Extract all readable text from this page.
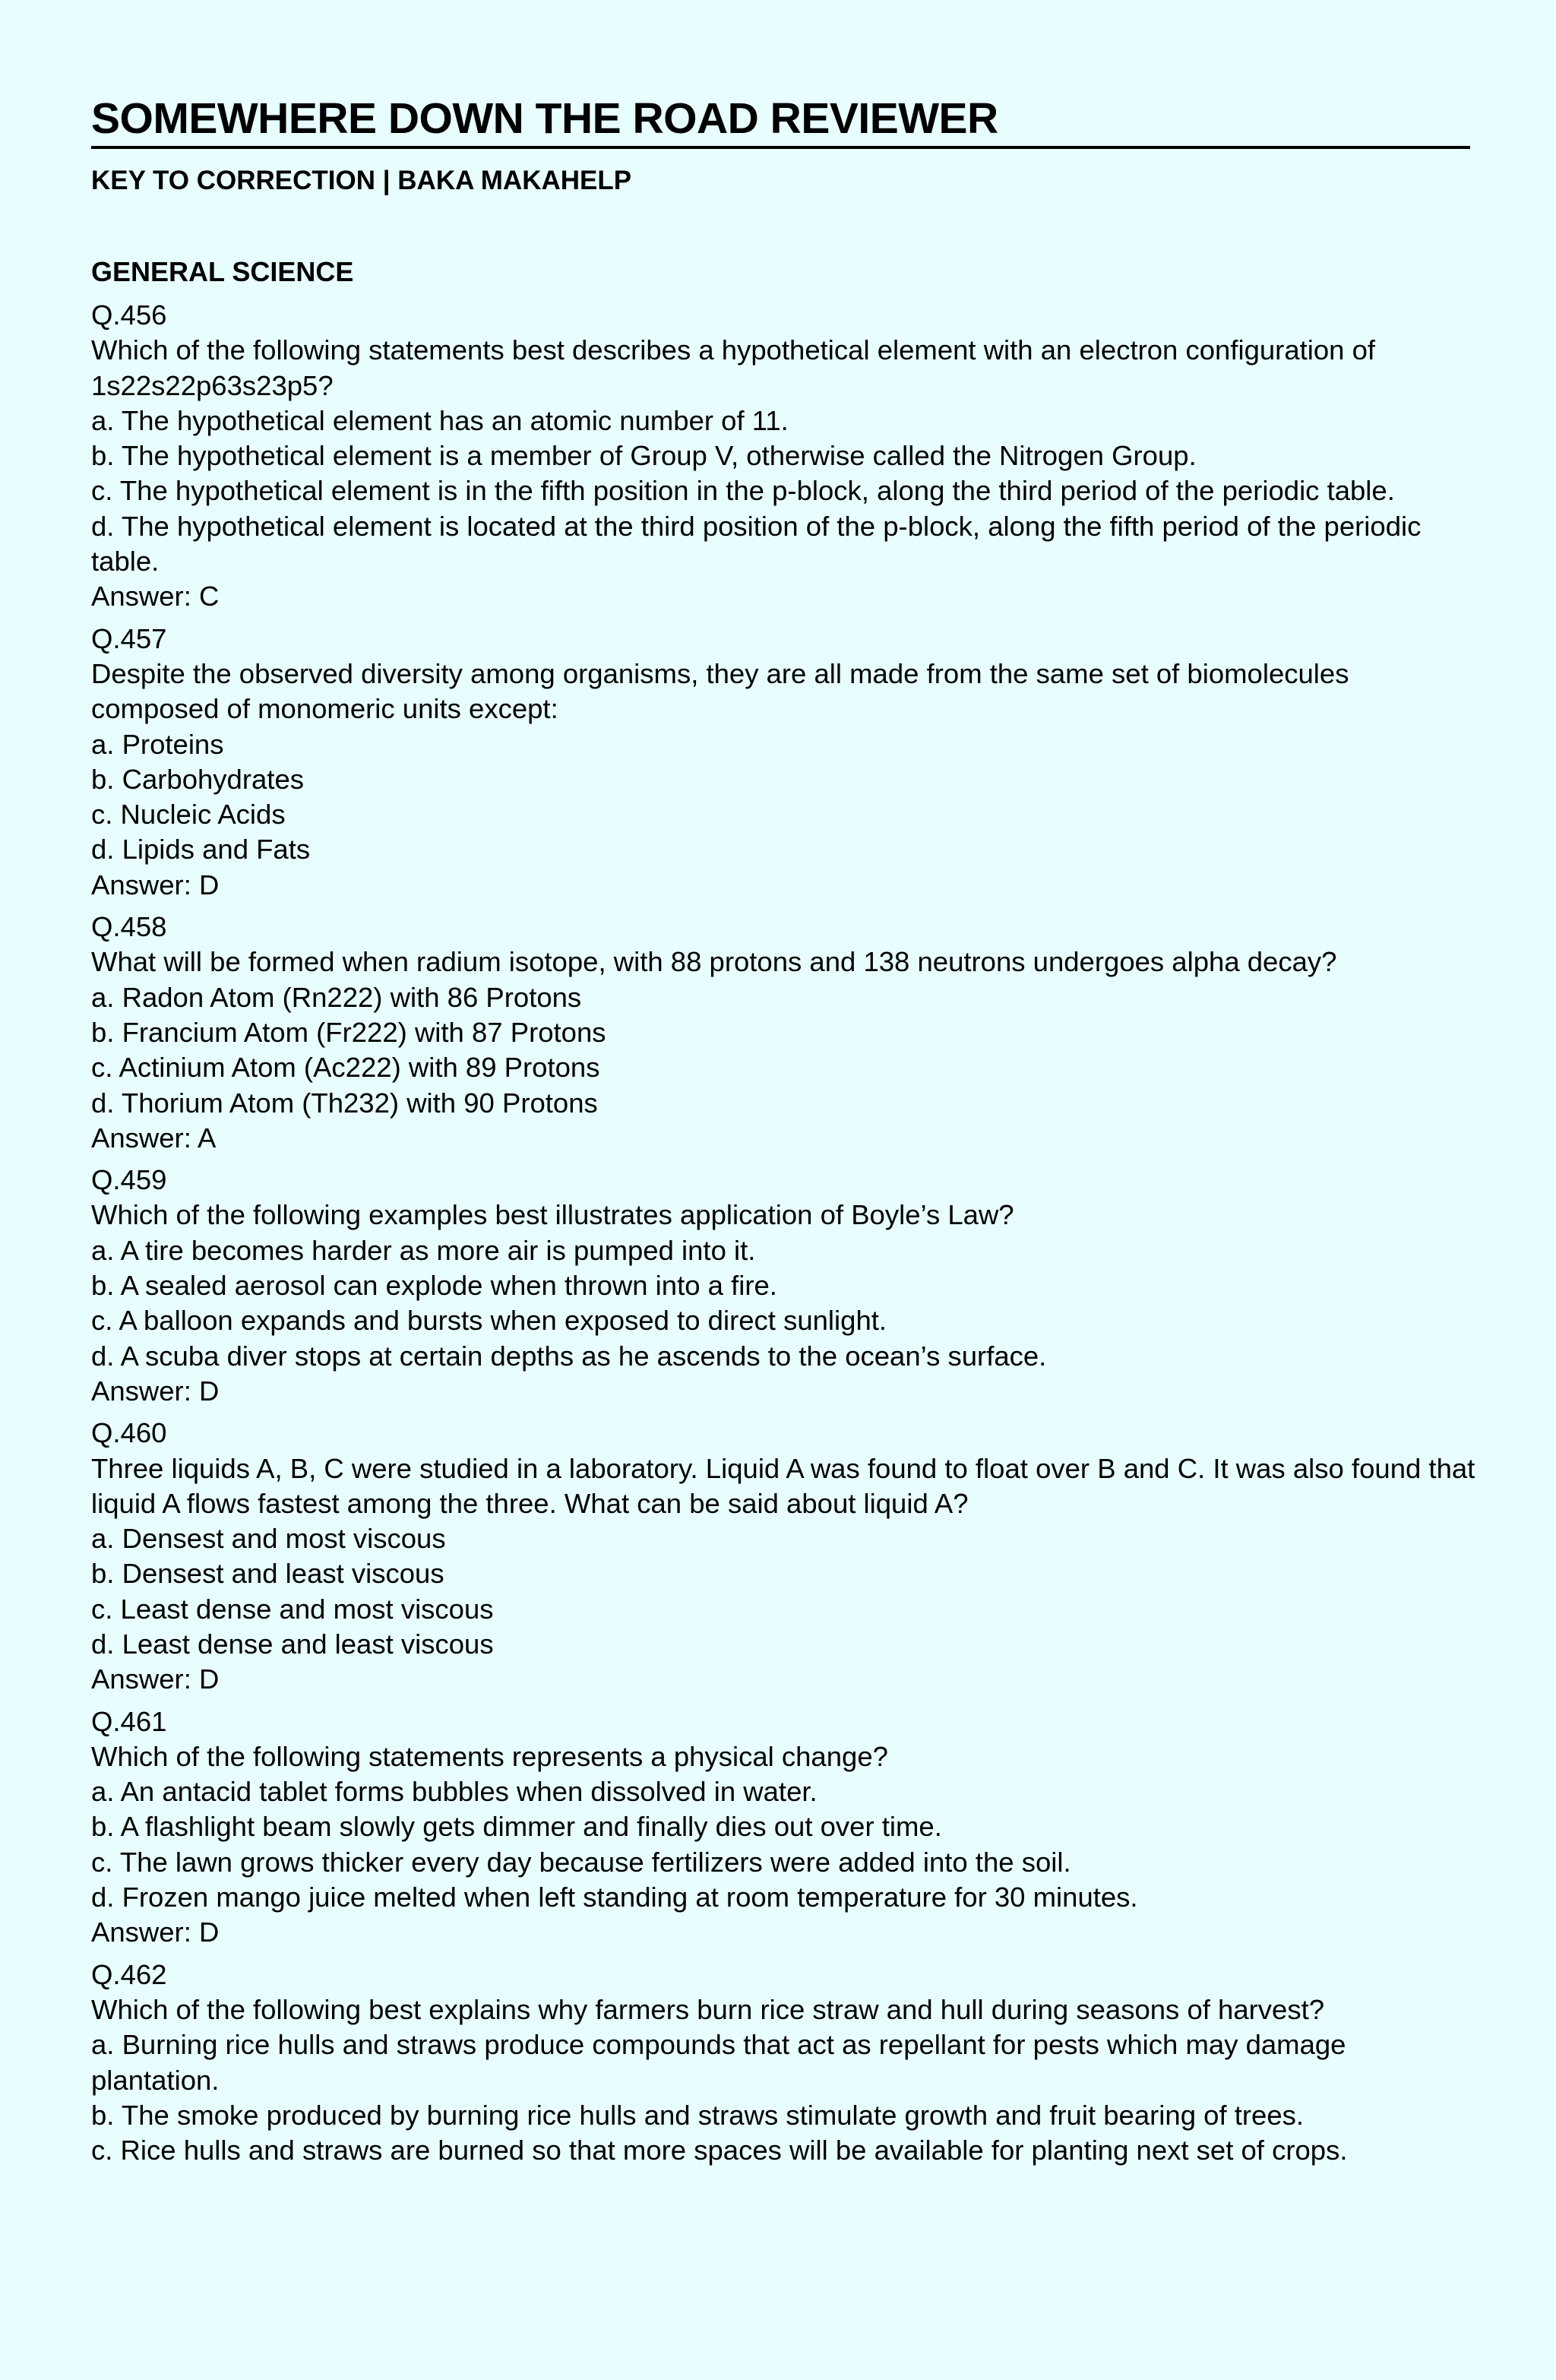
SOMEWHERE DOWN THE ROAD REVIEWER
KEY TO CORRECTION | BAKA MAKAHELP
GENERAL SCIENCE
Q.456
Which of the following statements best describes a hypothetical element with an electron configuration of 1s22s22p63s23p5?
a. The hypothetical element has an atomic number of 11.
b. The hypothetical element is a member of Group V, otherwise called the Nitrogen Group.
c. The hypothetical element is in the fifth position in the p-block, along the third period of the periodic table.
d. The hypothetical element is located at the third position of the p-block, along the fifth period of the periodic table.
Answer: C
Q.457
Despite the observed diversity among organisms, they are all made from the same set of biomolecules composed of monomeric units except:
a. Proteins
b. Carbohydrates
c. Nucleic Acids
d. Lipids and Fats
Answer: D
Q.458
What will be formed when radium isotope, with 88 protons and 138 neutrons undergoes alpha decay?
a. Radon Atom (Rn222) with 86 Protons
b. Francium Atom (Fr222) with 87 Protons
c. Actinium Atom (Ac222) with 89 Protons
d. Thorium Atom (Th232) with 90 Protons
Answer: A
Q.459
Which of the following examples best illustrates application of Boyle’s Law?
a. A tire becomes harder as more air is pumped into it.
b. A sealed aerosol can explode when thrown into a fire.
c. A balloon expands and bursts when exposed to direct sunlight.
d. A scuba diver stops at certain depths as he ascends to the ocean’s surface.
Answer: D
Q.460
Three liquids A, B, C were studied in a laboratory. Liquid A was found to float over B and C. It was also found that liquid A flows fastest among the three. What can be said about liquid A?
a. Densest and most viscous
b. Densest and least viscous
c. Least dense and most viscous
d. Least dense and least viscous
Answer: D
Q.461
Which of the following statements represents a physical change?
a. An antacid tablet forms bubbles when dissolved in water.
b. A flashlight beam slowly gets dimmer and finally dies out over time.
c. The lawn grows thicker every day because fertilizers were added into the soil.
d. Frozen mango juice melted when left standing at room temperature for 30 minutes.
Answer: D
Q.462
Which of the following best explains why farmers burn rice straw and hull during seasons of harvest?
a. Burning rice hulls and straws produce compounds that act as repellant for pests which may damage plantation.
b. The smoke produced by burning rice hulls and straws stimulate growth and fruit bearing of trees.
c. Rice hulls and straws are burned so that more spaces will be available for planting next set of crops.
